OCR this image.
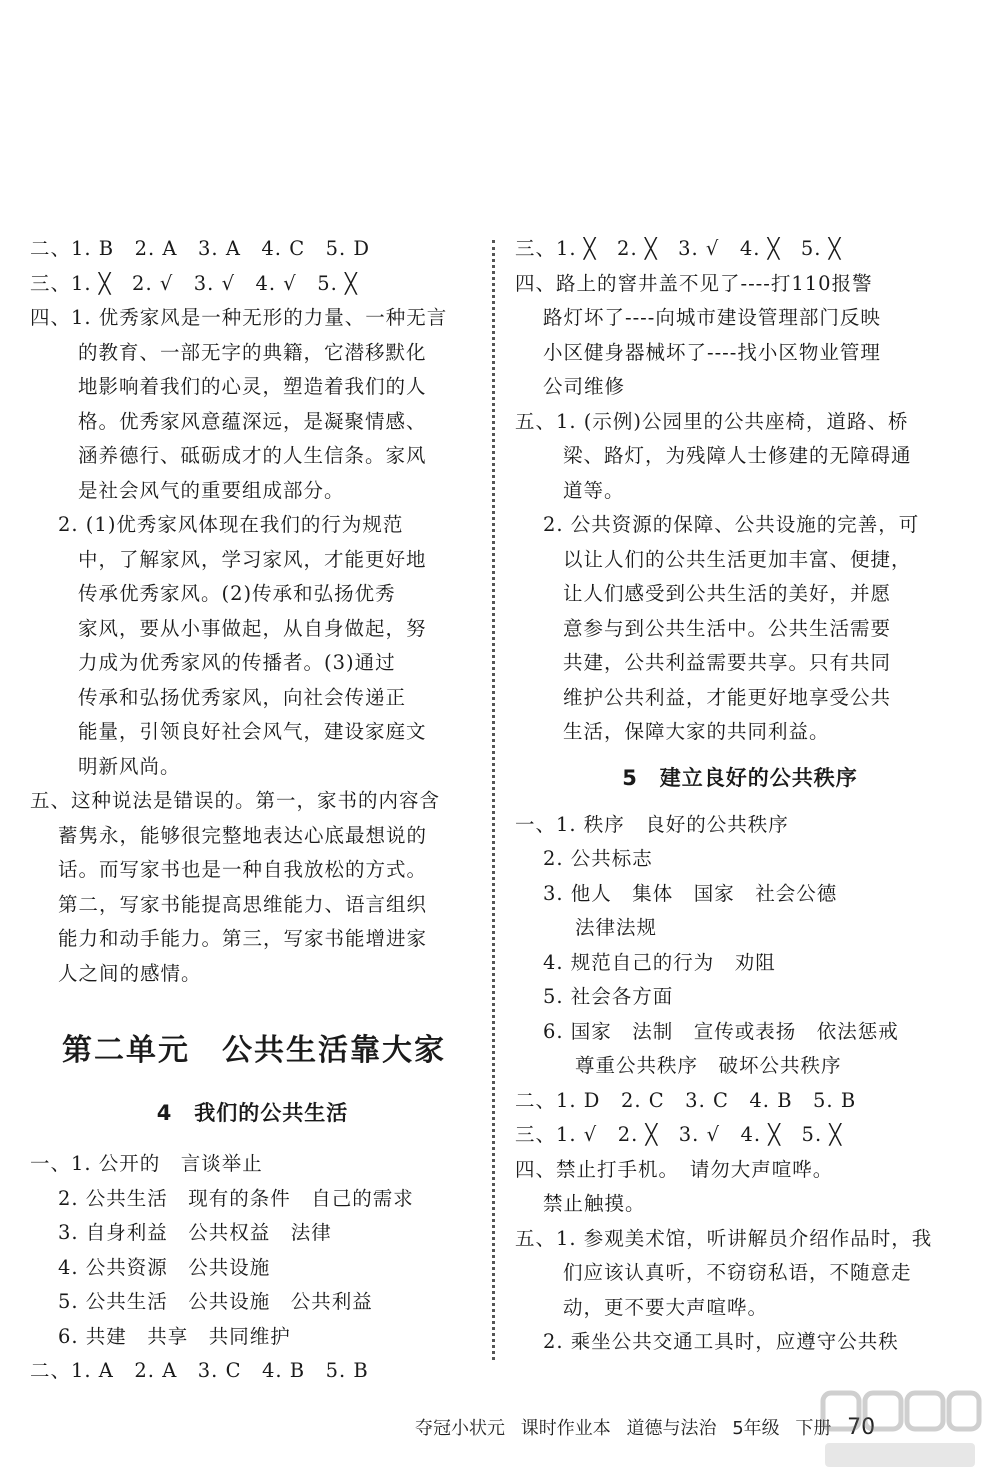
二、1. B　2. A　3. A　4. C　5. D
三、1. ╳　2. √　3. √　4. √　5. ╳
四、1. 优秀家风是一种无形的力量、一种无言
的教育、一部无字的典籍，它潜移默化
地影响着我们的心灵，塑造着我们的人
格。优秀家风意蕴深远，是凝聚情感、
涵养德行、砥砺成才的人生信条。家风
是社会风气的重要组成部分。
2. (1)优秀家风体现在我们的行为规范
中，了解家风，学习家风，才能更好地
传承优秀家风。(2)传承和弘扬优秀
家风，要从小事做起，从自身做起，努
力成为优秀家风的传播者。(3)通过
传承和弘扬优秀家风，向社会传递正
能量，引领良好社会风气，建设家庭文
明新风尚。
五、这种说法是错误的。第一，家书的内容含
蓄隽永，能够很完整地表达心底最想说的
话。而写家书也是一种自我放松的方式。
第二，写家书能提高思维能力、语言组织
能力和动手能力。第三，写家书能增进家
人之间的感情。
第二单元　公共生活靠大家
4　我们的公共生活
一、1. 公开的　言谈举止
2. 公共生活　现有的条件　自己的需求
3. 自身利益　公共权益　法律
4. 公共资源　公共设施
5. 公共生活　公共设施　公共利益
6. 共建　共享　共同维护
二、1. A　2. A　3. C　4. B　5. B
三、1. ╳　2. ╳　3. √　4. ╳　5. ╳
四、路上的窨井盖不见了----打110报警
路灯坏了----向城市建设管理部门反映
小区健身器械坏了----找小区物业管理
公司维修
五、1. (示例)公园里的公共座椅，道路、桥
梁、路灯，为残障人士修建的无障碍通
道等。
2. 公共资源的保障、公共设施的完善，可
以让人们的公共生活更加丰富、便捷，
让人们感受到公共生活的美好，并愿
意参与到公共生活中。公共生活需要
共建，公共利益需要共享。只有共同
维护公共利益，才能更好地享受公共
生活，保障大家的共同利益。
5　建立良好的公共秩序
一、1. 秩序　良好的公共秩序
2. 公共标志
3. 他人　集体　国家　社会公德
法律法规
4. 规范自己的行为　劝阻
5. 社会各方面
6. 国家　法制　宣传或表扬　依法惩戒
尊重公共秩序　破坏公共秩序
二、1. D　2. C　3. C　4. B　5. B
三、1. √　2. ╳　3. √　4. ╳　5. ╳
四、禁止打手机。　请勿大声喧哗。
禁止触摸。
五、1. 参观美术馆，听讲解员介绍作品时，我
们应该认真听，不窃窃私语，不随意走
动，更不要大声喧哗。
2. 乘坐公共交通工具时，应遵守公共秩
夺冠小状元 课时作业本 道德与法治 5年级 下册 70
